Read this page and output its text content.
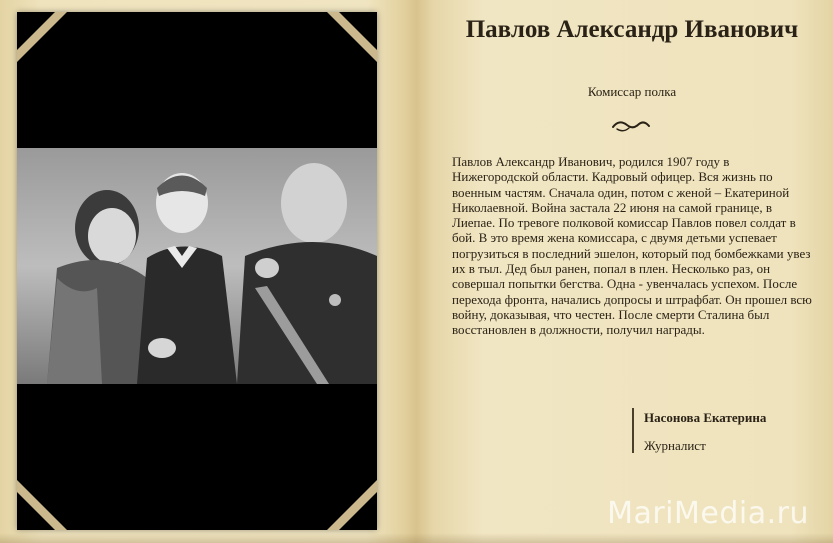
Павлов Александр Иванович
Комиссар полка
Павлов Александр Иванович, родился 1907 году в Нижегородской области. Кадровый офицер. Вся жизнь по военным частям. Сначала один, потом с женой – Екатериной Николаевной. Война застала 22 июня на самой границе, в Лиепае. По тревоге полковой комиссар Павлов повел солдат в бой. В это время жена комиссара, с двумя детьми успевает погрузиться в последний эшелон, который под бомбежками увез их в тыл. Дед был ранен, попал в плен. Несколько раз, он совершал попытки бегства. Одна - увенчалась успехом. После перехода фронта, начались допросы и штрафбат. Он прошел всю войну, доказывая, что честен. После смерти Сталина был восстановлен в должности, получил награды.
Насонова Екатерина
Журналист
MariMedia.ru
